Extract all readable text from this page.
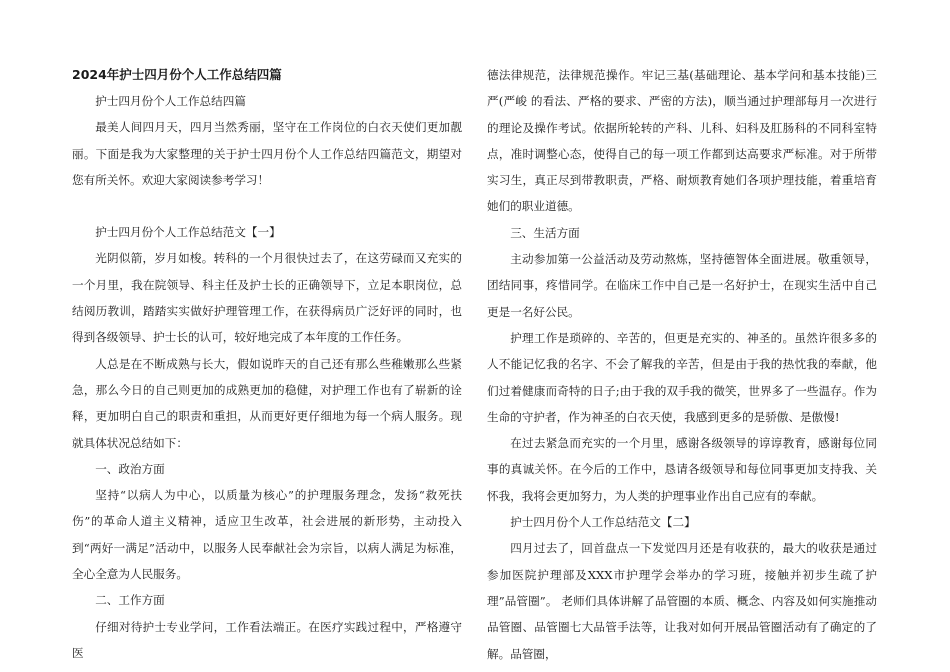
2024年护士四月份个人工作总结四篇

护士四月份个人工作总结四篇

最美人间四月天，四月当然秀丽，坚守在工作岗位的白衣天使们更加靓丽。下面是我为大家整理的关于护士四月份个人工作总结四篇范文，期望对您有所关怀。欢迎大家阅读参考学习！

护士四月份个人工作总结范文【一】

光阴似箭，岁月如梭。转科的一个月很快过去了，在这劳碌而又充实的一个月里，我在院领导、科主任及护士长的正确领导下，立足本职岗位，总结阅历教训，踏踏实实做好护理管理工作，在获得病员广泛好评的同时，也得到各级领导、护士长的认可，较好地完成了本年度的工作任务。

人总是在不断成熟与长大，假如说昨天的自己还有那么些稚嫩那么些紧急，那么今日的自己则更加的成熟更加的稳健，对护理工作也有了崭新的诠释，更加明白自己的职责和重担，从而更好更仔细地为每一个病人服务。现就具体状况总结如下：

一、政治方面

坚持“以病人为中心，以质量为核心”的护理服务理念，发扬“救死扶伤”的革命人道主义精神，适应卫生改革，社会进展的新形势，主动投入到“两好一满足”活动中，以服务人民奉献社会为宗旨，以病人满足为标准，全心全意为人民服务。

二、工作方面

仔细对待护士专业学问，工作看法端正。在医疗实践过程中，严格遵守医

德法律规范，法律规范操作。牢记三基(基础理论、基本学问和基本技能)三严(严峻 的看法、严格的要求、严密的方法)，顺当通过护理部每月一次进行的理论及操作考试。依据所轮转的产科、儿科、妇科及肛肠科的不同科室特点，准时调整心态，使得自己的每一项工作都到达高要求严标准。对于所带实习生，真正尽到带教职责，严格、耐烦教育她们各项护理技能，着重培育她们的职业道德。

三、生活方面

主动参加第一公益活动及劳动熬炼，坚持德智体全面进展。敬重领导，团结同事，疼惜同学。在临床工作中自己是一名好护士，在现实生活中自己更是一名好公民。

护理工作是琐碎的、辛苦的，但更是充实的、神圣的。虽然许很多多的人不能记忆我的名字、不会了解我的辛苦，但是由于我的热忱我的奉献，他们过着健康而奇特的日子;由于我的双手我的微笑，世界多了一些温存。作为生命的守护者，作为神圣的白衣天使，我感到更多的是骄傲、是傲慢!

在过去紧急而充实的一个月里，感谢各级领导的谆谆教育，感谢每位同事的真诚关怀。在今后的工作中，恳请各级领导和每位同事更加支持我、关怀我，我将会更加努力，为人类的护理事业作出自己应有的奉献。

护士四月份个人工作总结范文【二】

四月过去了，回首盘点一下发觉四月还是有收获的，最大的收获是通过参加医院护理部及XXX市护理学会举办的学习班，接触并初步生疏了护理”品管圈”。 老师们具体讲解了品管圈的本质、概念、内容及如何实施推动品管圈、品管圈七大品管手法等，让我对如何开展品管圈活动有了确定的了解。品管圈，
